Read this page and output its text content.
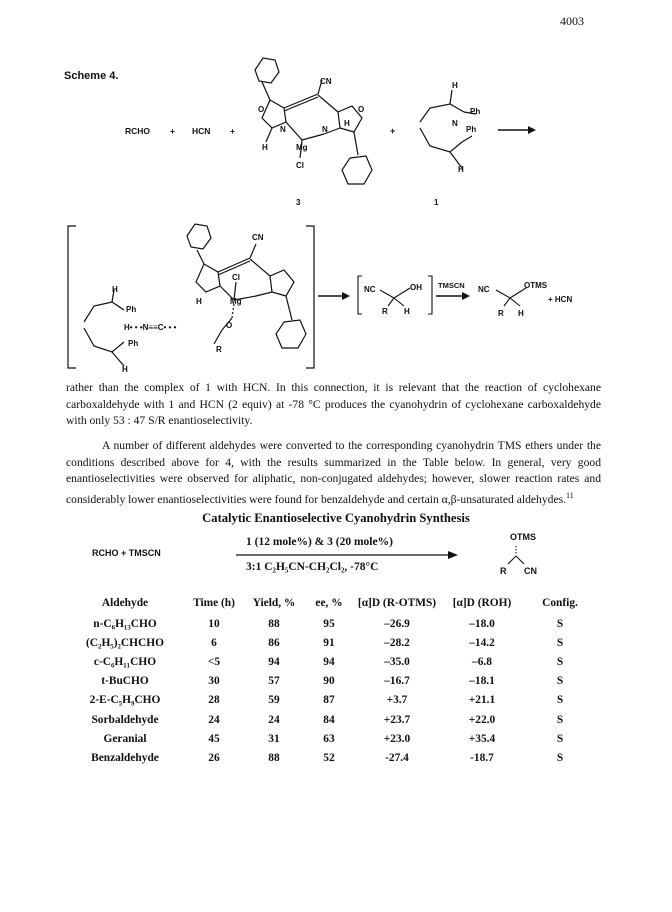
4003
Scheme 4.
RCHO + HCN +
CN
O	O
N	N
Mg
Cl
H
H
3
+
H
Ph
Ph
N
H
1
CN
Cl
Mg
H
O
R
H
Ph
Ph
H
H• • •N≡≡C• • •
NC	OH
R H
TMSCN NC	OTMS
R H
+ HCN

rather than the complex of 1 with HCN. In this connection, it is relevant that the reaction of cyclohexane carboxaldehyde with 1 and HCN (2 equiv) at -78 °C produces the cyanohydrin of cyclohexane carboxaldehyde with only 53 : 47 S/R enantioselectivity.

A number of different aldehydes were converted to the corresponding cyanohydrin TMS ethers under the conditions described above for 4, with the results summarized in the Table below. In general, very good enantioselectivities were observed for aliphatic, non-conjugated aldehydes; however, slower reaction rates and considerably lower enantioselectivities were found for benzaldehyde and certain α,β-unsaturated aldehydes.$^{11}$

Catalytic Enantioselective Cyanohydrin Synthesis
RCHO + TMSCN
1 (12 mole%) & 3 (20 mole%)
3:1 C₂H₅CN-CH₂Cl₂, -78°C
OTMS
R CN
Aldehyde	Time (h)	Yield, %	ee, %	[α]D (R-OTMS)	[α]D (ROH)	Config.
n-C₆H₁₃CHO	10	88	95	–26.9	–18.0	S
(C₂H₅)₂CHCHO	6	86	91	–28.2	–14.2	S
c-C₆H₁₁CHO	<5	94	94	–35.0	–6.8	S
t-BuCHO	30	57	90	–16.7	–18.1	S
2-E-C₅H₉CHO	28	59	87	+3.7	+21.1	S
Sorbaldehyde	24	24	84	+23.7	+22.0	S
Geranial	45	31	63	+23.0	+35.4	S
Benzaldehyde	26	88	52	-27.4	-18.7	S
